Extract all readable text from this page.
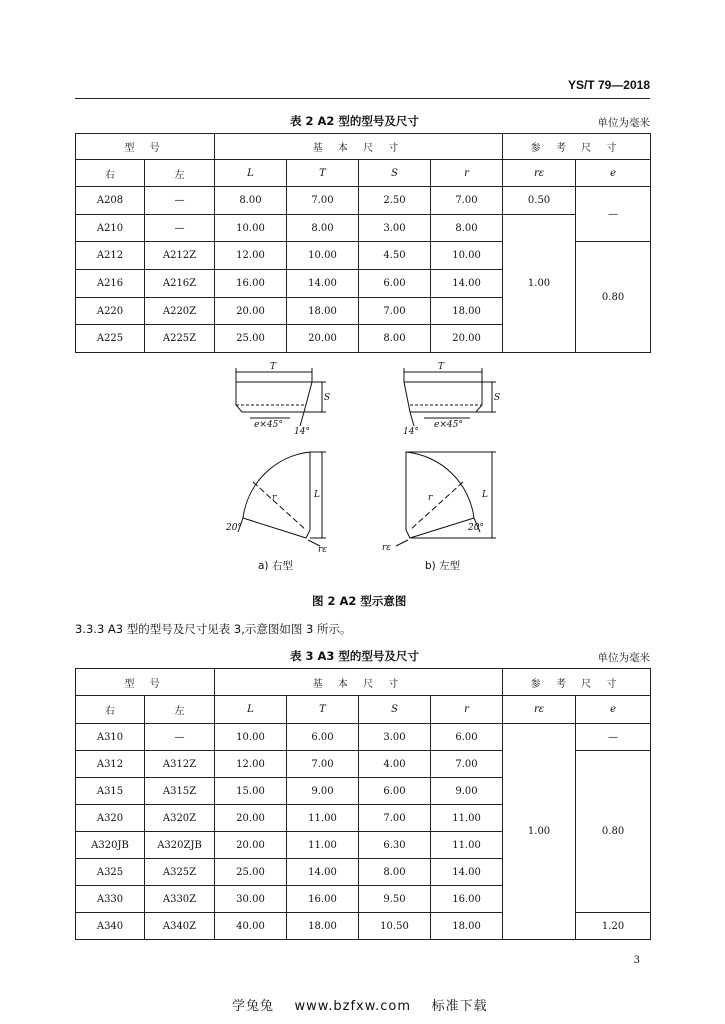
YS/T 79—2018
表 2 A2 型的型号及尺寸	单位为毫米
型 号		基 本 尺 寸				参 考 尺 寸	
右	左	L	T	S	r	rε	e
A208	—	8.00	7.00	2.50	7.00	0.50	—
A210	—	10.00	8.00	3.00	8.00	1.00	
A212	A212Z	12.00	10.00	4.50	10.00		0.80
A216	A216Z	16.00	14.00	6.00	14.00		
A220	A220Z	20.00	18.00	7.00	18.00		
A225	A225Z	25.00	20.00	8.00	20.00		
T
S
e×45°
14°
r	L
20°
rε
T
S
e×45°
14°
r	L
20°
rε
a) 右型	b) 左型
图 2 A2 型示意图
3.3.3 A3 型的型号及尺寸见表 3,示意图如图 3 所示。
表 3 A3 型的型号及尺寸	单位为毫米
型 号		基 本 尺 寸				参 考 尺 寸	
右	左	L	T	S	r	rε	e
A310	—	10.00	6.00	3.00	6.00	1.00	—
A312	A312Z	12.00	7.00	4.00	7.00		0.80
A315	A315Z	15.00	9.00	6.00	9.00		
A320	A320Z	20.00	11.00	7.00	11.00		
A320JB	A320ZJB	20.00	11.00	6.30	11.00		
A325	A325Z	25.00	14.00	8.00	14.00		
A330	A330Z	30.00	16.00	9.50	16.00		
A340	A340Z	40.00	18.00	10.50	18.00		1.20
3
学兔兔    www.bzfxw.com    标准下载
